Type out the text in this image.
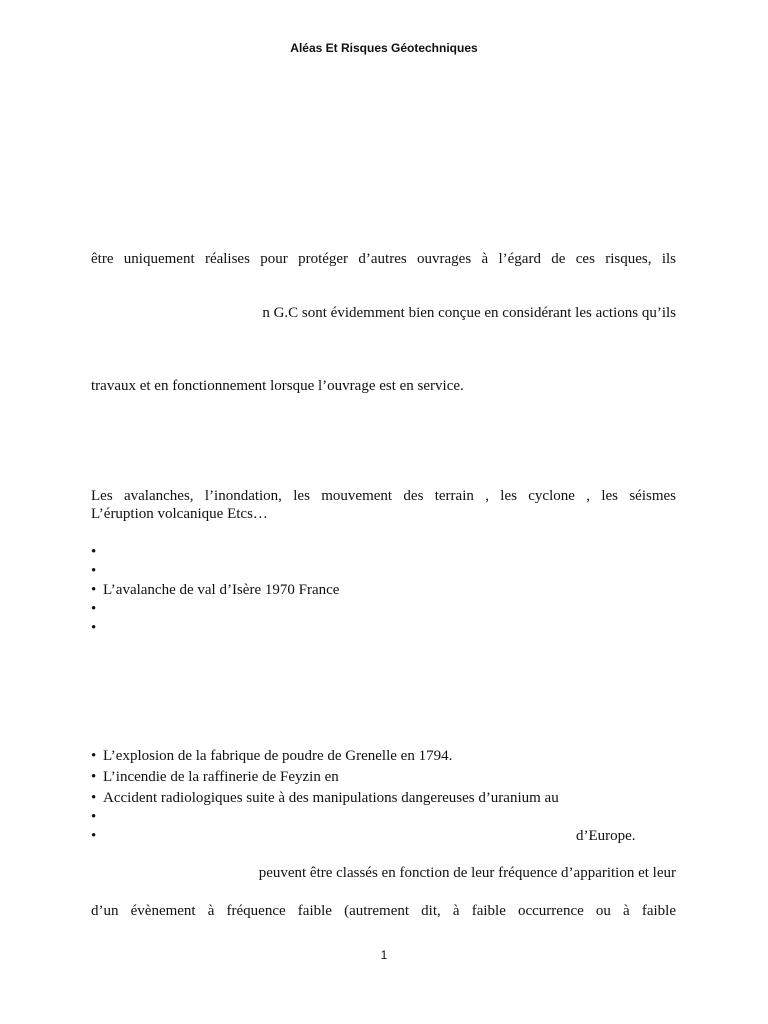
Aléas Et Risques Géotechniques
être uniquement réalises pour protéger d’autres ouvrages à l’égard de ces risques, ils
n G.C sont évidemment bien conçue en considérant les actions qu’ils
travaux et en fonctionnement lorsque l’ouvrage est en service.
Les avalanches, l’inondation, les mouvement des terrain , les cyclone , les séismes
L’éruption volcanique Etcs…
•
•
• L’avalanche de val d’Isère 1970 France
•
•
• L’explosion de la fabrique de poudre de Grenelle en 1794.
• L’incendie de la raffinerie de Feyzin en
• Accident radiologiques suite à des manipulations dangereuses d’uranium au
•
•	d’Europe.
peuvent être classés en fonction de leur fréquence d’apparition et leur
d’un évènement à fréquence faible (autrement dit, à faible occurrence ou à faible
1
